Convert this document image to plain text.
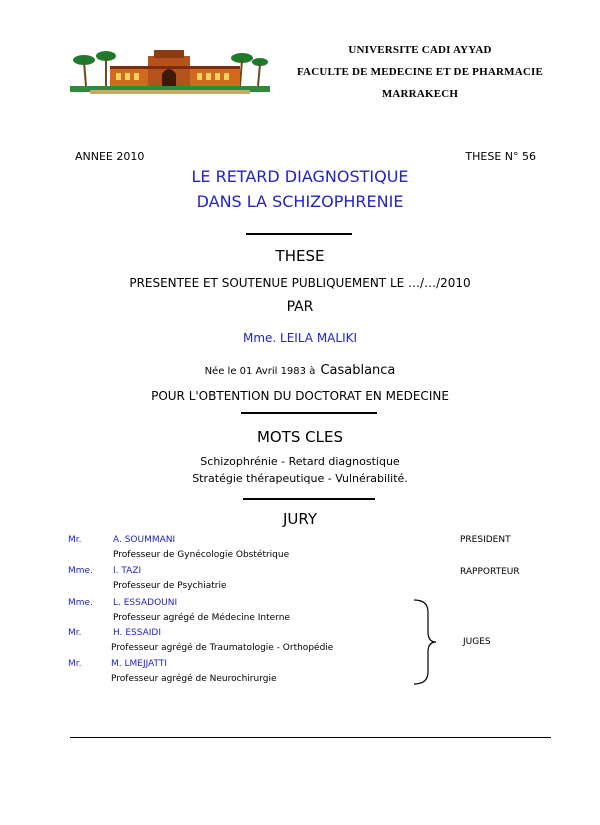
UNIVERSITE CADI AYYAD
FACULTE DE MEDECINE ET DE PHARMACIE
MARRAKECH
ANNEE 2010	THESE N° 56
LE RETARD DIAGNOSTIQUE
DANS LA SCHIZOPHRENIE
THESE
PRESENTEE ET SOUTENUE PUBLIQUEMENT LE …/…/2010
PAR
Mme. LEILA MALIKI
Née le 01 Avril 1983 à Casablanca
POUR L'OBTENTION DU DOCTORAT EN MEDECINE
MOTS CLES
Schizophrénie - Retard diagnostique
Stratégie thérapeutique - Vulnérabilité.
JURY
Mr.	A. SOUMMANI	PRESIDENT
Professeur de Gynécologie Obstétrique
Mme. I. TAZI	RAPPORTEUR
Professeur de Psychiatrie
Mme. L. ESSADOUNI
Professeur agrégé de Médecine Interne
Mr.	H. ESSAIDI
Professeur agrégé de Traumatologie - Orthopédie
Mr.	M. LMEJJATTI
Professeur agrégé de Neurochirurgie
JUGES
